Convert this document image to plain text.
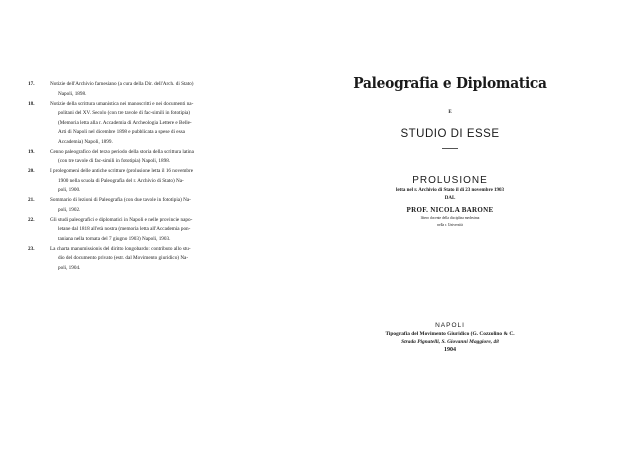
17.	Notizie dell'Archivio farnesiano (a cura della Dir. dell'Arch. di Stato)
Napoli, 1898.
18.	Notizie della scrittura umanistica nei manoscritti e nei documenti na-
politani del XV. Secolo (con tre tavole di fac-simili in fototipia)
(Memoria letta alla r. Accademia di Archeologia Lettere e Belle-
Arti di Napoli nel dicembre 1898 e pubblicata a spese di essa
Accademia) Napoli, 1899.
19.	Cenno paleografico del terzo periodo della storia della scrittura latina
(con tre tavole di fac-simili in fototipia) Napoli, 1898.
20.	I prolegomeni delle antiche scritture (prolusione letta il 16 novembre
1900 nella scuola di Paleografia del r. Archivio di Stato) Na-
poli, 1900.
21.	Sommario di lezioni di Paleografia (con due tavole in fototipia) Na-
poli, 1902.
22.	Gli studi paleografici e diplomatici in Napoli e nelle provincie napo-
letane dal 1818 all'età nostra (memoria letta all'Accademia pon-
taniana nella tornata del 7 giugno 1903) Napoli, 1903.
23.	La charta manumissionis del diritto longobardo: contributo allo stu-
dio del documento privato (estr. dal Movimento giuridico) Na-
poli, 1904.
Paleografia e Diplomatica
E
STUDIO DI ESSE
PROLUSIONE
letta nel r. Archivio di Stato il di 23 novembre 1903
DAL
PROF. NICOLA BARONE
libero docente della disciplina medesima
nella r. Università
NAPOLI
Tipografia del Movimento Giuridico (G. Cozzolino & C.
Strada Pignatelli, S. Giovanni Maggiore, 48
1904
